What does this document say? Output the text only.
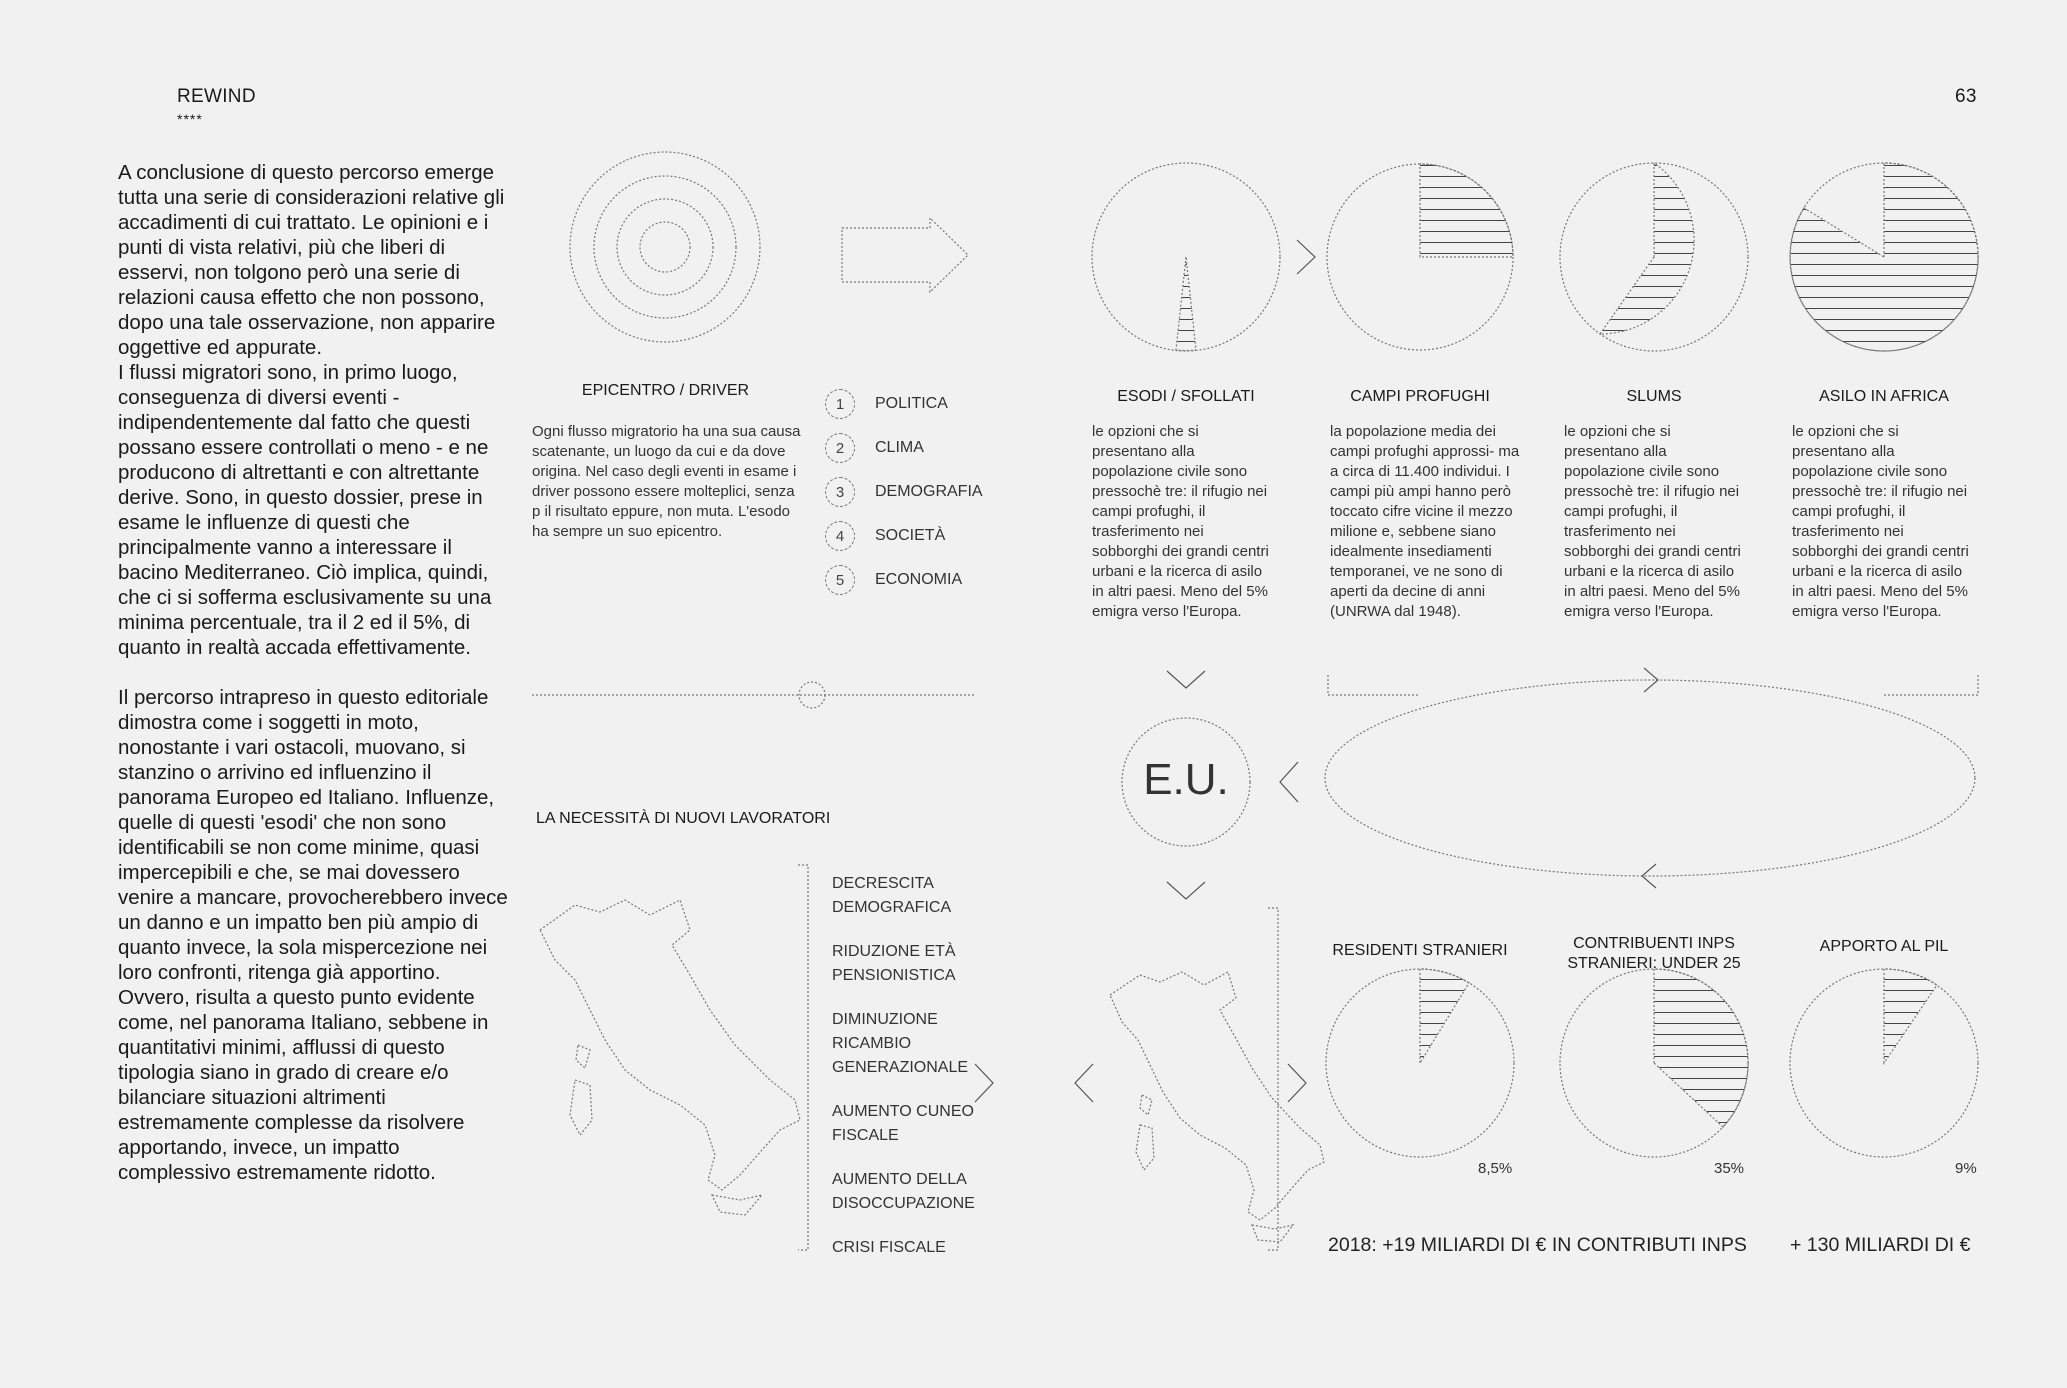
REWIND
****
63

A conclusione di questo percorso emerge tutta una serie di considerazioni relative gli accadimenti di cui trattato. Le opinioni e i punti di vista relativi, più che liberi di esservi, non tolgono però una serie di relazioni causa effetto che non possono, dopo una tale osservazione, non apparire oggettive ed appurate.

I flussi migratori sono, in primo luogo, conseguenza di diversi eventi - indipendentemente dal fatto che questi possano essere controllati o meno - e ne producono di altrettanti e con altrettante derive. Sono, in questo dossier, prese in esame le influenze di questi che principalmente vanno a interessare il bacino Mediterraneo. Ciò implica, quindi, che ci si sofferma esclusivamente su una minima percentuale, tra il 2 ed il 5%, di quanto in realtà accada effettivamente.

Il percorso intrapreso in questo editoriale dimostra come i soggetti in moto, nonostante i vari ostacoli, muovano, si stanzino o arrivino ed influenzino il panorama Europeo ed Italiano. Influenze, quelle di questi 'esodi' che non sono identificabili se non come minime, quasi impercepibili e che, se mai dovessero venire a mancare, provocherebbero invece un danno e un impatto ben più ampio di quanto invece, la sola mispercezione nei loro confronti, ritenga già apportino. Ovvero, risulta a questo punto evidente come, nel panorama Italiano, sebbene in quantitativi minimi, afflussi di questo tipologia siano in grado di creare e/o bilanciare situazioni altrimenti estremamente complesse da risolvere apportando, invece, un impatto complessivo estremamente ridotto.

EPICENTRO / DRIVER
Ogni flusso migratorio ha una sua causa scatenante, un luogo da cui e da dove origina. Nel caso degli eventi in esame i driver possono essere molteplici, senza p il risultato eppure, non muta. L'esodo ha sempre un suo epicentro.
1	POLITICA
2	CLIMA
3	DEMOGRAFIA
4	SOCIETÀ
5	ECONOMIA
ESODI / SFOLLATI	CAMPI PROFUGHI	SLUMS	ASILO IN AFRICA
le opzioni che si presentano alla popolazione civile sono pressochè tre: il rifugio nei campi profughi, il trasferimento nei sobborghi dei grandi centri urbani e la ricerca di asilo in altri paesi. Meno del 5% emigra verso l'Europa.
la popolazione media dei campi profughi approssi- ma a circa di 11.400 individui. I campi più ampi hanno però toccato cifre vicine il mezzo milione e, sebbene siano idealmente insediamenti temporanei, ve ne sono di aperti da decine di anni (UNRWA dal 1948).
le opzioni che si presentano alla popolazione civile sono pressochè tre: il rifugio nei campi profughi, il trasferimento nei sobborghi dei grandi centri urbani e la ricerca di asilo in altri paesi. Meno del 5% emigra verso l'Europa.
le opzioni che si presentano alla popolazione civile sono pressochè tre: il rifugio nei campi profughi, il trasferimento nei sobborghi dei grandi centri urbani e la ricerca di asilo in altri paesi. Meno del 5% emigra verso l'Europa.
E.U.
LA NECESSITÀ DI NUOVI LAVORATORI
DECRESCITA DEMOGRAFICA
RIDUZIONE ETÀ PENSIONISTICA
DIMINUZIONE RICAMBIO GENERAZIONALE
AUMENTO CUNEO FISCALE
AUMENTO DELLA DISOCCUPAZIONE
CRISI FISCALE
RESIDENTI STRANIERI	CONTRIBUENTI INPS STRANIERI: UNDER 25
APPORTO AL PIL
8,5%	35%	9%
2018: +19 MILIARDI DI € IN CONTRIBUTI INPS + 130 MILIARDI DI €
